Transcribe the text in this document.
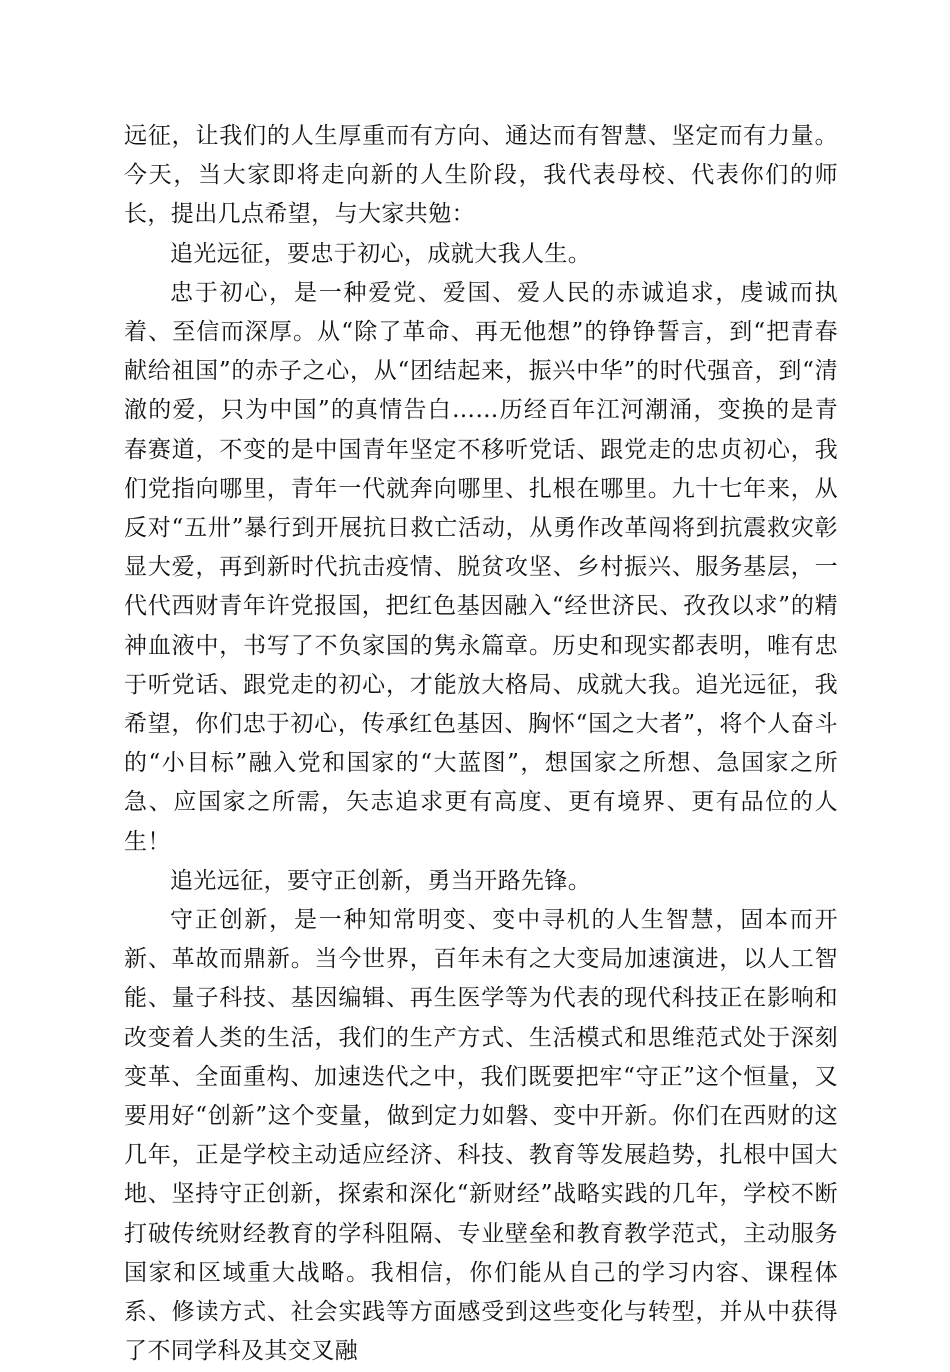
远征，让我们的人生厚重而有方向、通达而有智慧、坚定而有力量。今天，当大家即将走向新的人生阶段，我代表母校、代表你们的师长，提出几点希望，与大家共勉：

追光远征，要忠于初心，成就大我人生。

忠于初心，是一种爱党、爱国、爱人民的赤诚追求，虔诚而执着、至信而深厚。从“除了革命、再无他想”的铮铮誓言，到“把青春献给祖国”的赤子之心，从“团结起来，振兴中华”的时代强音，到“清澈的爱，只为中国”的真情告白……历经百年江河潮涌，变换的是青春赛道，不变的是中国青年坚定不移听党话、跟党走的忠贞初心，我们党指向哪里，青年一代就奔向哪里、扎根在哪里。九十七年来，从反对“五卅”暴行到开展抗日救亡活动，从勇作改革闯将到抗震救灾彰显大爱，再到新时代抗击疫情、脱贫攻坚、乡村振兴、服务基层，一代代西财青年许党报国，把红色基因融入“经世济民、孜孜以求”的精神血液中，书写了不负家国的隽永篇章。历史和现实都表明，唯有忠于听党话、跟党走的初心，才能放大格局、成就大我。追光远征，我希望，你们忠于初心，传承红色基因、胸怀“国之大者”，将个人奋斗的“小目标”融入党和国家的“大蓝图”，想国家之所想、急国家之所急、应国家之所需，矢志追求更有高度、更有境界、更有品位的人生！

追光远征，要守正创新，勇当开路先锋。

守正创新，是一种知常明变、变中寻机的人生智慧，固本而开新、革故而鼎新。当今世界，百年未有之大变局加速演进，以人工智能、量子科技、基因编辑、再生医学等为代表的现代科技正在影响和改变着人类的生活，我们的生产方式、生活模式和思维范式处于深刻变革、全面重构、加速迭代之中，我们既要把牢“守正”这个恒量，又要用好“创新”这个变量，做到定力如磐、变中开新。你们在西财的这几年，正是学校主动适应经济、科技、教育等发展趋势，扎根中国大地、坚持守正创新，探索和深化“新财经”战略实践的几年，学校不断打破传统财经教育的学科阻隔、专业壁垒和教育教学范式，主动服务国家和区域重大战略。我相信，你们能从自己的学习内容、课程体系、修读方式、社会实践等方面感受到这些变化与转型，并从中获得了不同学科及其交叉融
